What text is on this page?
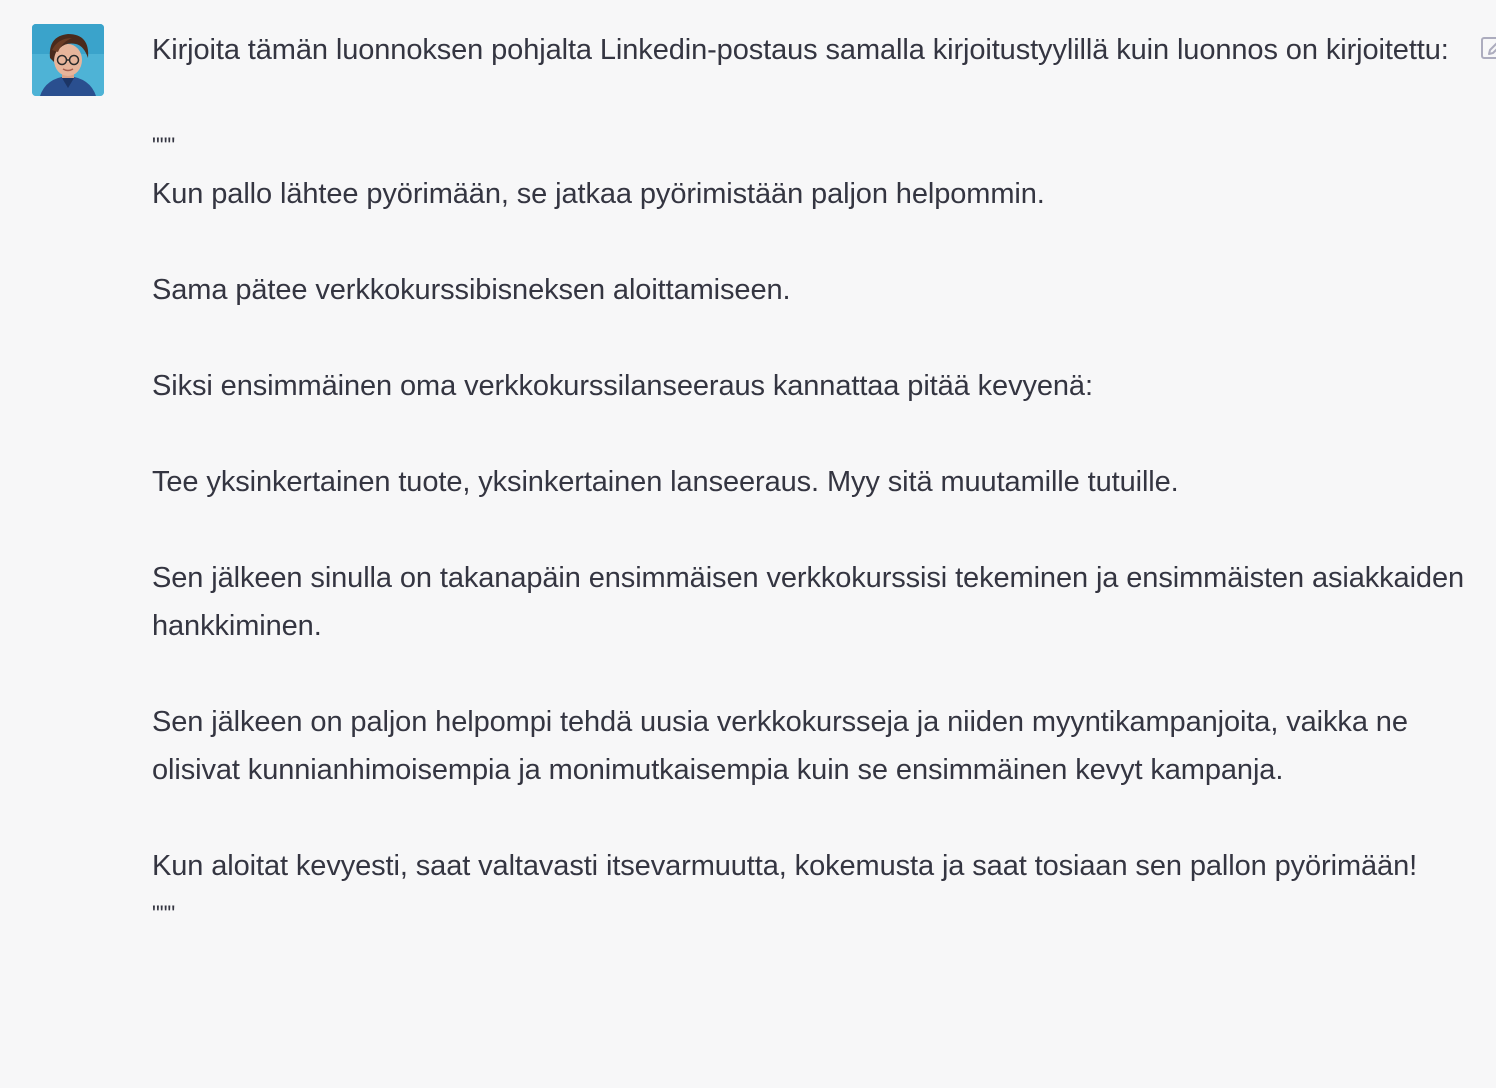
Kirjoita tämän luonnoksen pohjalta Linkedin-postaus samalla kirjoitustyylillä kuin luonnos on kirjoitettu:

"""

Kun pallo lähtee pyörimään, se jatkaa pyörimistään paljon helpommin.

Sama pätee verkkokurssibisneksen aloittamiseen.

Siksi ensimmäinen oma verkkokurssilanseeraus kannattaa pitää kevyenä:

Tee yksinkertainen tuote, yksinkertainen lanseeraus. Myy sitä muutamille tutuille.

Sen jälkeen sinulla on takanapäin ensimmäisen verkkokurssisi tekeminen ja ensimmäisten asiakkaiden hankkiminen.

Sen jälkeen on paljon helpompi tehdä uusia verkkokursseja ja niiden myyntikampanjoita, vaikka ne olisivat kunnianhimoisempia ja monimutkaisempia kuin se ensimmäinen kevyt kampanja.

Kun aloitat kevyesti, saat valtavasti itsevarmuutta, kokemusta ja saat tosiaan sen pallon pyörimään!

"""
